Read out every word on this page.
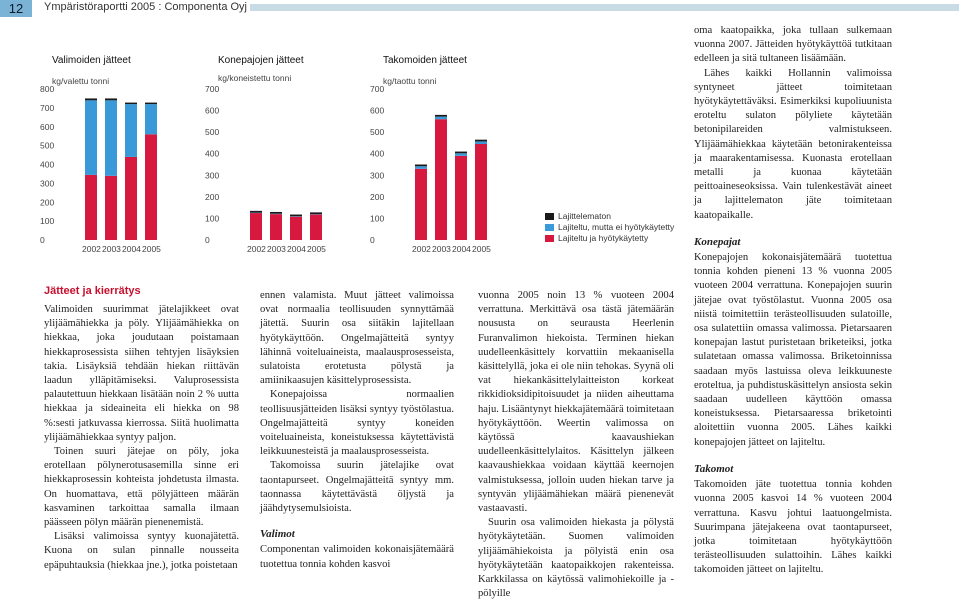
12	Ympäristöraportti 2005 : Componenta Oyj
Valimoiden jätteet
kg/valettu tonni
0
100
200
300
400
500
600
700
800
2002 2003 2004 2005
Konepajojen jätteet
kg/koneistettu tonni
0
100
200
300
400
500
600
700
2002 2003 2004 2005
Takomoiden jätteet
kg/taottu tonni
0
100
200
300
400
500
600
700
2002 2003 2004 2005
Lajittelematon
Lajiteltu, mutta ei hyötykäytetty
Lajiteltu ja hyötykäytetty
Jätteet ja kierrätys

Valimoiden suurimmat jätelajikkeet ovat ylijäämähiekka ja pöly. Ylijäämähiekka on hiekkaa, joka joudutaan poistamaan hiekkaprosessista siihen tehtyjen lisäyksien takia. Lisäyksiä tehdään hiekan riittävän laadun ylläpitämiseksi. Valuprosessista palautettuun hiekkaan lisätään noin 2 % uutta hiekkaa ja sideaineita eli hiekka on 98 %:sesti jatkuvassa kierrossa. Siitä huolimatta ylijäämähiekkaa syntyy paljon.

Toinen suuri jätejae on pöly, joka erotellaan pölynerotusasemilla sinne eri hiekkaprosessin kohteista johdetusta ilmasta. On huomattava, että pölyjätteen määrän kasvaminen tarkoittaa samalla ilmaan päässeen pölyn määrän pienenemistä.

Lisäksi valimoissa syntyy kuonajätettä. Kuona on sulan pinnalle nousseita epäpuhtauksia (hiekkaa jne.), jotka poistetaan

ennen valamista. Muut jätteet valimoissa ovat normaalia teollisuuden synnyttämää jätettä. Suurin osa siitäkin lajitellaan hyötykäyttöön. Ongelmajätteitä syntyy lähinnä voiteluaineista, maalausprosesseista, sulatoista erotetusta pölystä ja amiinikaasujen käsittelyprosessista.

Konepajoissa normaalien teollisuusjätteiden lisäksi syntyy työstölastua. Ongelmajätteitä syntyy koneiden voiteluaineista, koneistuksessa käytettävistä leikkuunesteistä ja maalausprosesseista.

Takomoissa suurin jätelajike ovat taontapurseet. Ongelmajätteitä syntyy mm. taonnassa käytettävästä öljystä ja jäähdytysemulsioista.

Valimot

Componentan valimoiden kokonaisjätemäärä tuotettua tonnia kohden kasvoi

vuonna 2005 noin 13 % vuoteen 2004 verrattuna. Merkittävä osa tästä jätemäärän noususta on seurausta Heerlenin Furanvalimon hiekoista. Terminen hiekan uudelleenkäsittely korvattiin mekaanisella käsittelyllä, joka ei ole niin tehokas. Syynä oli vat hiekankäsittelylaitteiston korkeat rikkidioksidipitoisuudet ja niiden aiheuttama haju. Lisääntynyt hiekkajätemäärä toimitetaan hyötykäyttöön. Weertin valimossa on käytössä kaavaushiekan uudelleenkäsittelylaitos. Käsittelyn jälkeen kaavaushiekkaa voidaan käyttää keernojen valmistuksessa, jolloin uuden hiekan tarve ja syntyvän ylijäämähiekan määrä pienenevät vastaavasti.

Suurin osa valimoiden hiekasta ja pölystä hyötykäytetään. Suomen valimoiden ylijäämähiekoista ja pölyistä enin osa hyötykäytetään kaatopaikkojen rakenteissa. Karkkilassa on käytössä valimohiekoille ja -pölyille

oma kaatopaikka, joka tullaan sulkemaan vuonna 2007. Jätteiden hyötykäyttöä tutkitaan edelleen ja sitä tultaneen lisäämään.

Lähes kaikki Hollannin valimoissa syntyneet jätteet toimitetaan hyötykäytettäväksi. Esimerkiksi kupoliuunista eroteltu sulaton pölyliete käytetään betonipilareiden valmistukseen. Ylijäämähiekkaa käytetään betonirakenteissa ja maarakentamisessa. Kuonasta erotellaan metalli ja kuonaa käytetään peittoaineseoksissa. Vain tulenkestävät aineet ja lajittelematon jäte toimitetaan kaatopaikalle.

Konepajat

Konepajojen kokonaisjätemäärä tuotettua tonnia kohden pieneni 13 % vuonna 2005 vuoteen 2004 verrattuna. Konepajojen suurin jätejae ovat työstölastut. Vuonna 2005 osa niistä toimitettiin terästeollisuuden sulatoille, osa sulatettiin omassa valimossa. Pietarsaaren konepajan lastut puristetaan briketeiksi, jotka sulatetaan omassa valimossa. Briketoinnissa saadaan myös lastuissa oleva leikkuuneste eroteltua, ja puhdistuskäsittelyn ansiosta sekin saadaan uudelleen käyttöön omassa koneistuksessa. Pietarsaaressa briketointi aloitettiin vuonna 2005. Lähes kaikki konepajojen jätteet on lajiteltu.

Takomot

Takomoiden jäte tuotettua tonnia kohden vuonna 2005 kasvoi 14 % vuoteen 2004 verrattuna. Kasvu johtui laatuongelmista. Suurimpana jätejakeena ovat taontapurseet, jotka toimitetaan hyötykäyttöön terästeollisuuden sulattoihin. Lähes kaikki takomoiden jätteet on lajiteltu.
